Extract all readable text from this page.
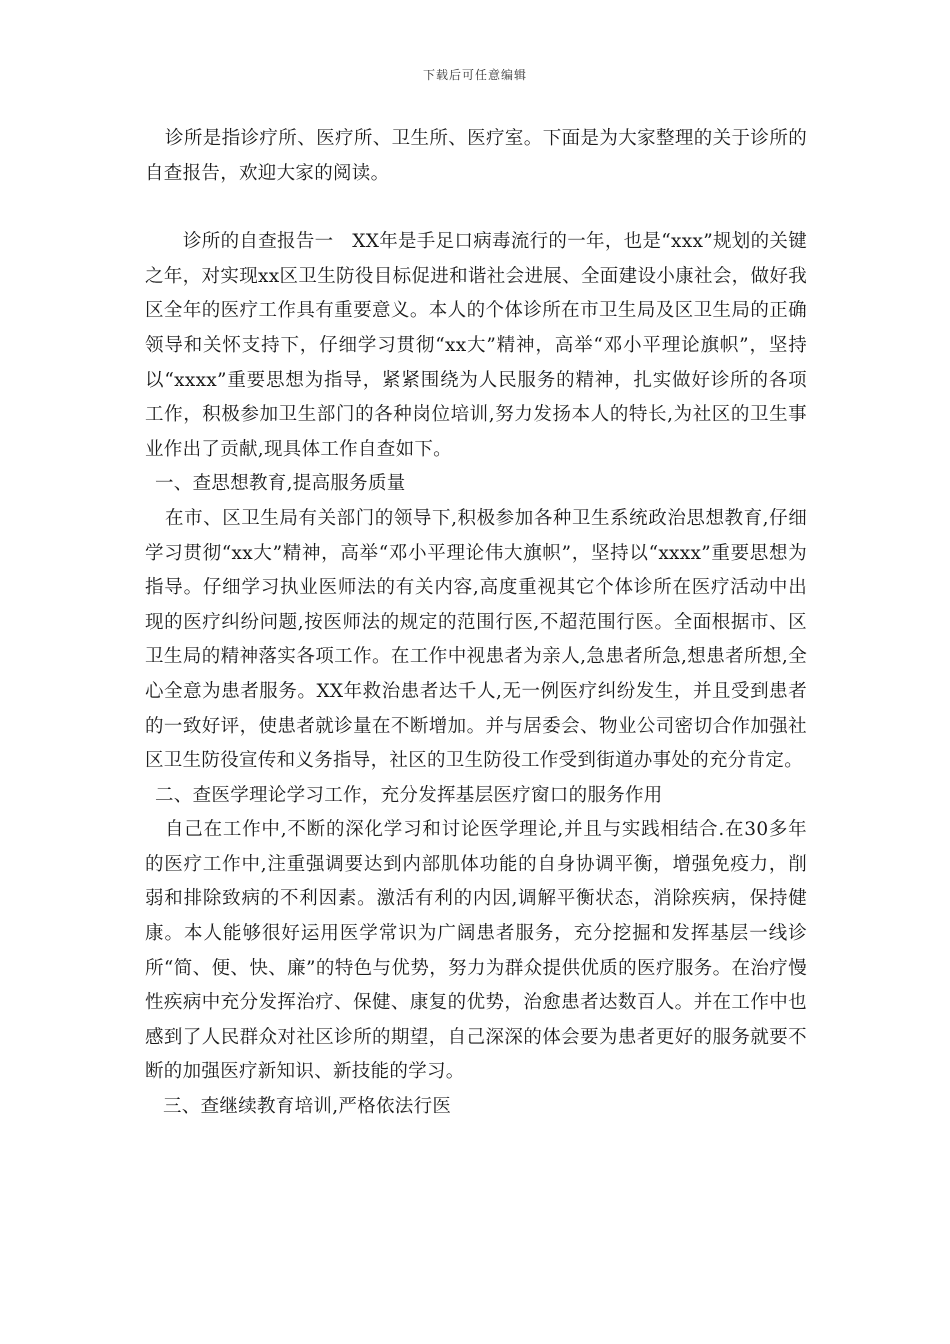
下载后可任意编辑

诊所是指诊疗所、医疗所、卫生所、医疗室。下面是为大家整理的关于诊所的自查报告，欢迎大家的阅读。

诊所的自查报告一　XX年是手足口病毒流行的一年，也是“xxx”规划的关键之年，对实现xx区卫生防役目标促进和谐社会进展、全面建设小康社会，做好我区全年的医疗工作具有重要意义。本人的个体诊所在市卫生局及区卫生局的正确领导和关怀支持下，仔细学习贯彻“xx大”精神，高举“邓小平理论旗帜”，坚持以“xxxx”重要思想为指导，紧紧围绕为人民服务的精神，扎实做好诊所的各项工作，积极参加卫生部门的各种岗位培训,努力发扬本人的特长,为社区的卫生事业作出了贡献,现具体工作自查如下。

一、查思想教育,提高服务质量

在市、区卫生局有关部门的领导下,积极参加各种卫生系统政治思想教育,仔细学习贯彻“xx大”精神，高举“邓小平理论伟大旗帜”，坚持以“xxxx”重要思想为指导。仔细学习执业医师法的有关内容,高度重视其它个体诊所在医疗活动中出现的医疗纠纷问题,按医师法的规定的范围行医,不超范围行医。全面根据市、区卫生局的精神落实各项工作。在工作中视患者为亲人,急患者所急,想患者所想,全心全意为患者服务。XX年救治患者达千人,无一例医疗纠纷发生，并且受到患者的一致好评，使患者就诊量在不断增加。并与居委会、物业公司密切合作加强社区卫生防役宣传和义务指导，社区的卫生防役工作受到街道办事处的充分肯定。

二、查医学理论学习工作，充分发挥基层医疗窗口的服务作用

自己在工作中,不断的深化学习和讨论医学理论,并且与实践相结合.在30多年的医疗工作中,注重强调要达到内部肌体功能的自身协调平衡，增强免疫力，削弱和排除致病的不利因素。激活有利的内因,调解平衡状态，消除疾病，保持健康。本人能够很好运用医学常识为广阔患者服务，充分挖掘和发挥基层一线诊所“简、便、快、廉”的特色与优势，努力为群众提供优质的医疗服务。在治疗慢性疾病中充分发挥治疗、保健、康复的优势，治愈患者达数百人。并在工作中也感到了人民群众对社区诊所的期望，自己深深的体会要为患者更好的服务就要不断的加强医疗新知识、新技能的学习。

三、查继续教育培训,严格依法行医
